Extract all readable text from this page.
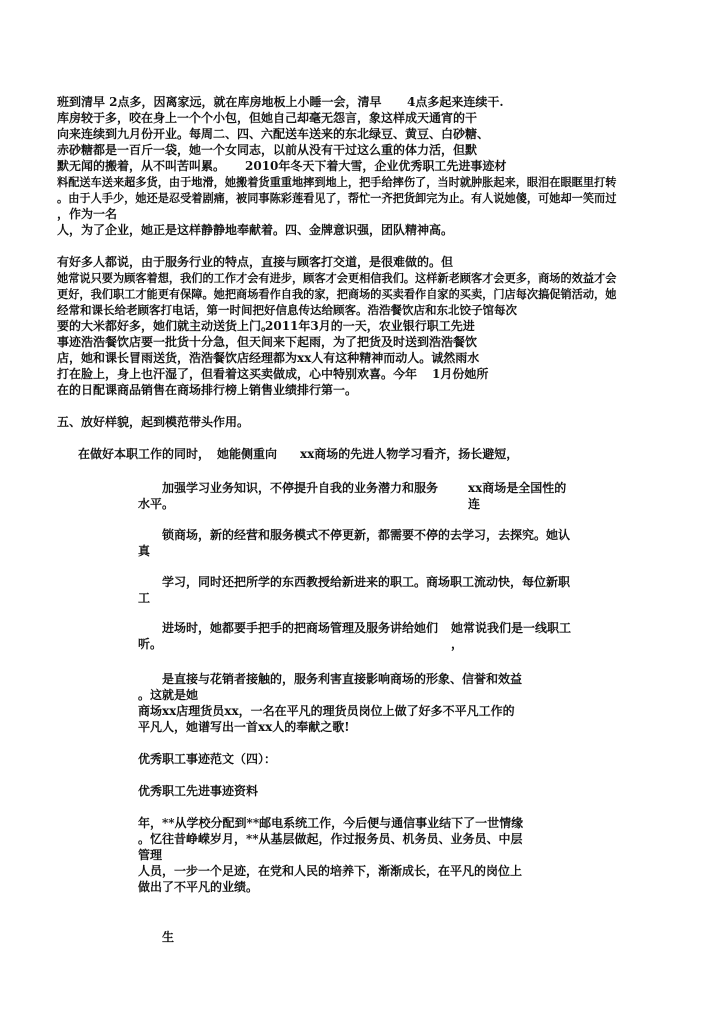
班到清早 2点多，因离家远，就在库房地板上小睡一会，清早 4点多起来连续干.

库房较于多，咬在身上一个个小包，但她自己却毫无怨言，象这样成天通宵的干

向来连续到九月份开业。每周二、四、六配送车送来的东北绿豆、黄豆、白砂糖、

赤砂糖都是一百斤一袋，她一个女同志，以前从没有干过这么重的体力活，但默

默无闻的搬着，从不叫苦叫累。 2010年冬天下着大雪，企业优秀职工先进事迹材

料配送车送来超多货，由于地滑，她搬着货重重地摔到地上，把手给摔伤了，当时就肿胀起来，眼泪在眼眶里打转

。由于人手少，她还是忍受着剧痛，被同事陈彩莲看见了，帮忙一齐把货卸完为止。有人说她傻，可她却一笑而过

，作为一名

人，为了企业，她正是这样静静地奉献着。四、金牌意识强，团队精神高。

有好多人都说，由于服务行业的特点，直接与顾客打交道，是很难做的。但

她常说只要为顾客着想，我们的工作才会有进步，顾客才会更相信我们。这样新老顾客才会更多，商场的效益才会

更好，我们职工才能更有保障。她把商场看作自我的家，把商场的买卖看作自家的买卖，门店每次搞促销活动，她

经常和课长给老顾客打电话，第一时间把好信息传达给顾客。浩浩餐饮店和东北饺子馆每次

要的大米都好多，她们就主动送货上门。

2011年3月的一天，农业银行职工先进

事迹浩浩餐饮店要一批货十分急，但天间来下起雨，为了把货及时送到浩浩餐饮

店，她和课长冒雨送货，浩浩餐饮店经理都为xx人有这种精神而动人。诚然雨水

打在脸上，身上也汗湿了，但看着这买卖做成，心中特别欢喜。今年 1月份她所

在的日配课商品销售在商场排行榜上销售业绩排行第一。

五、放好样貌，起到模范带头作用。

在做好本职工作的同时， 她能侧重向 xx商场的先进人物学习看齐，扬长避短，

加强学习业务知识，不停提升自我的业务潜力和服务

水平。

xx商场是全国性的

连

锁商场，新的经营和服务模式不停更新，都需要不停的去学习，去探究。她认

真

学习，同时还把所学的东西教授给新进来的职工。商场职工流动快，每位新职

工

进场时，她都要手把手的把商场管理及服务讲给她们

听。

她常说我们是一线职工

，

是直接与花销者接触的，服务利害直接影响商场的形象、信誉和效益

。这就是她

商场xx店理货员xx，一名在平凡的理货员岗位上做了好多不平凡工作的

平凡人，她谱写出一首xx人的奉献之歌!

优秀职工事迹范文（四）：

优秀职工先进事迹资料

年，**从学校分配到**邮电系统工作，今后便与通信事业结下了一世情缘

。忆往昔峥嵘岁月，**从基层做起，作过报务员、机务员、业务员、中层

管理

人员，一步一个足迹，在党和人民的培养下，渐渐成长，在平凡的岗位上

做出了不平凡的业绩。

生
